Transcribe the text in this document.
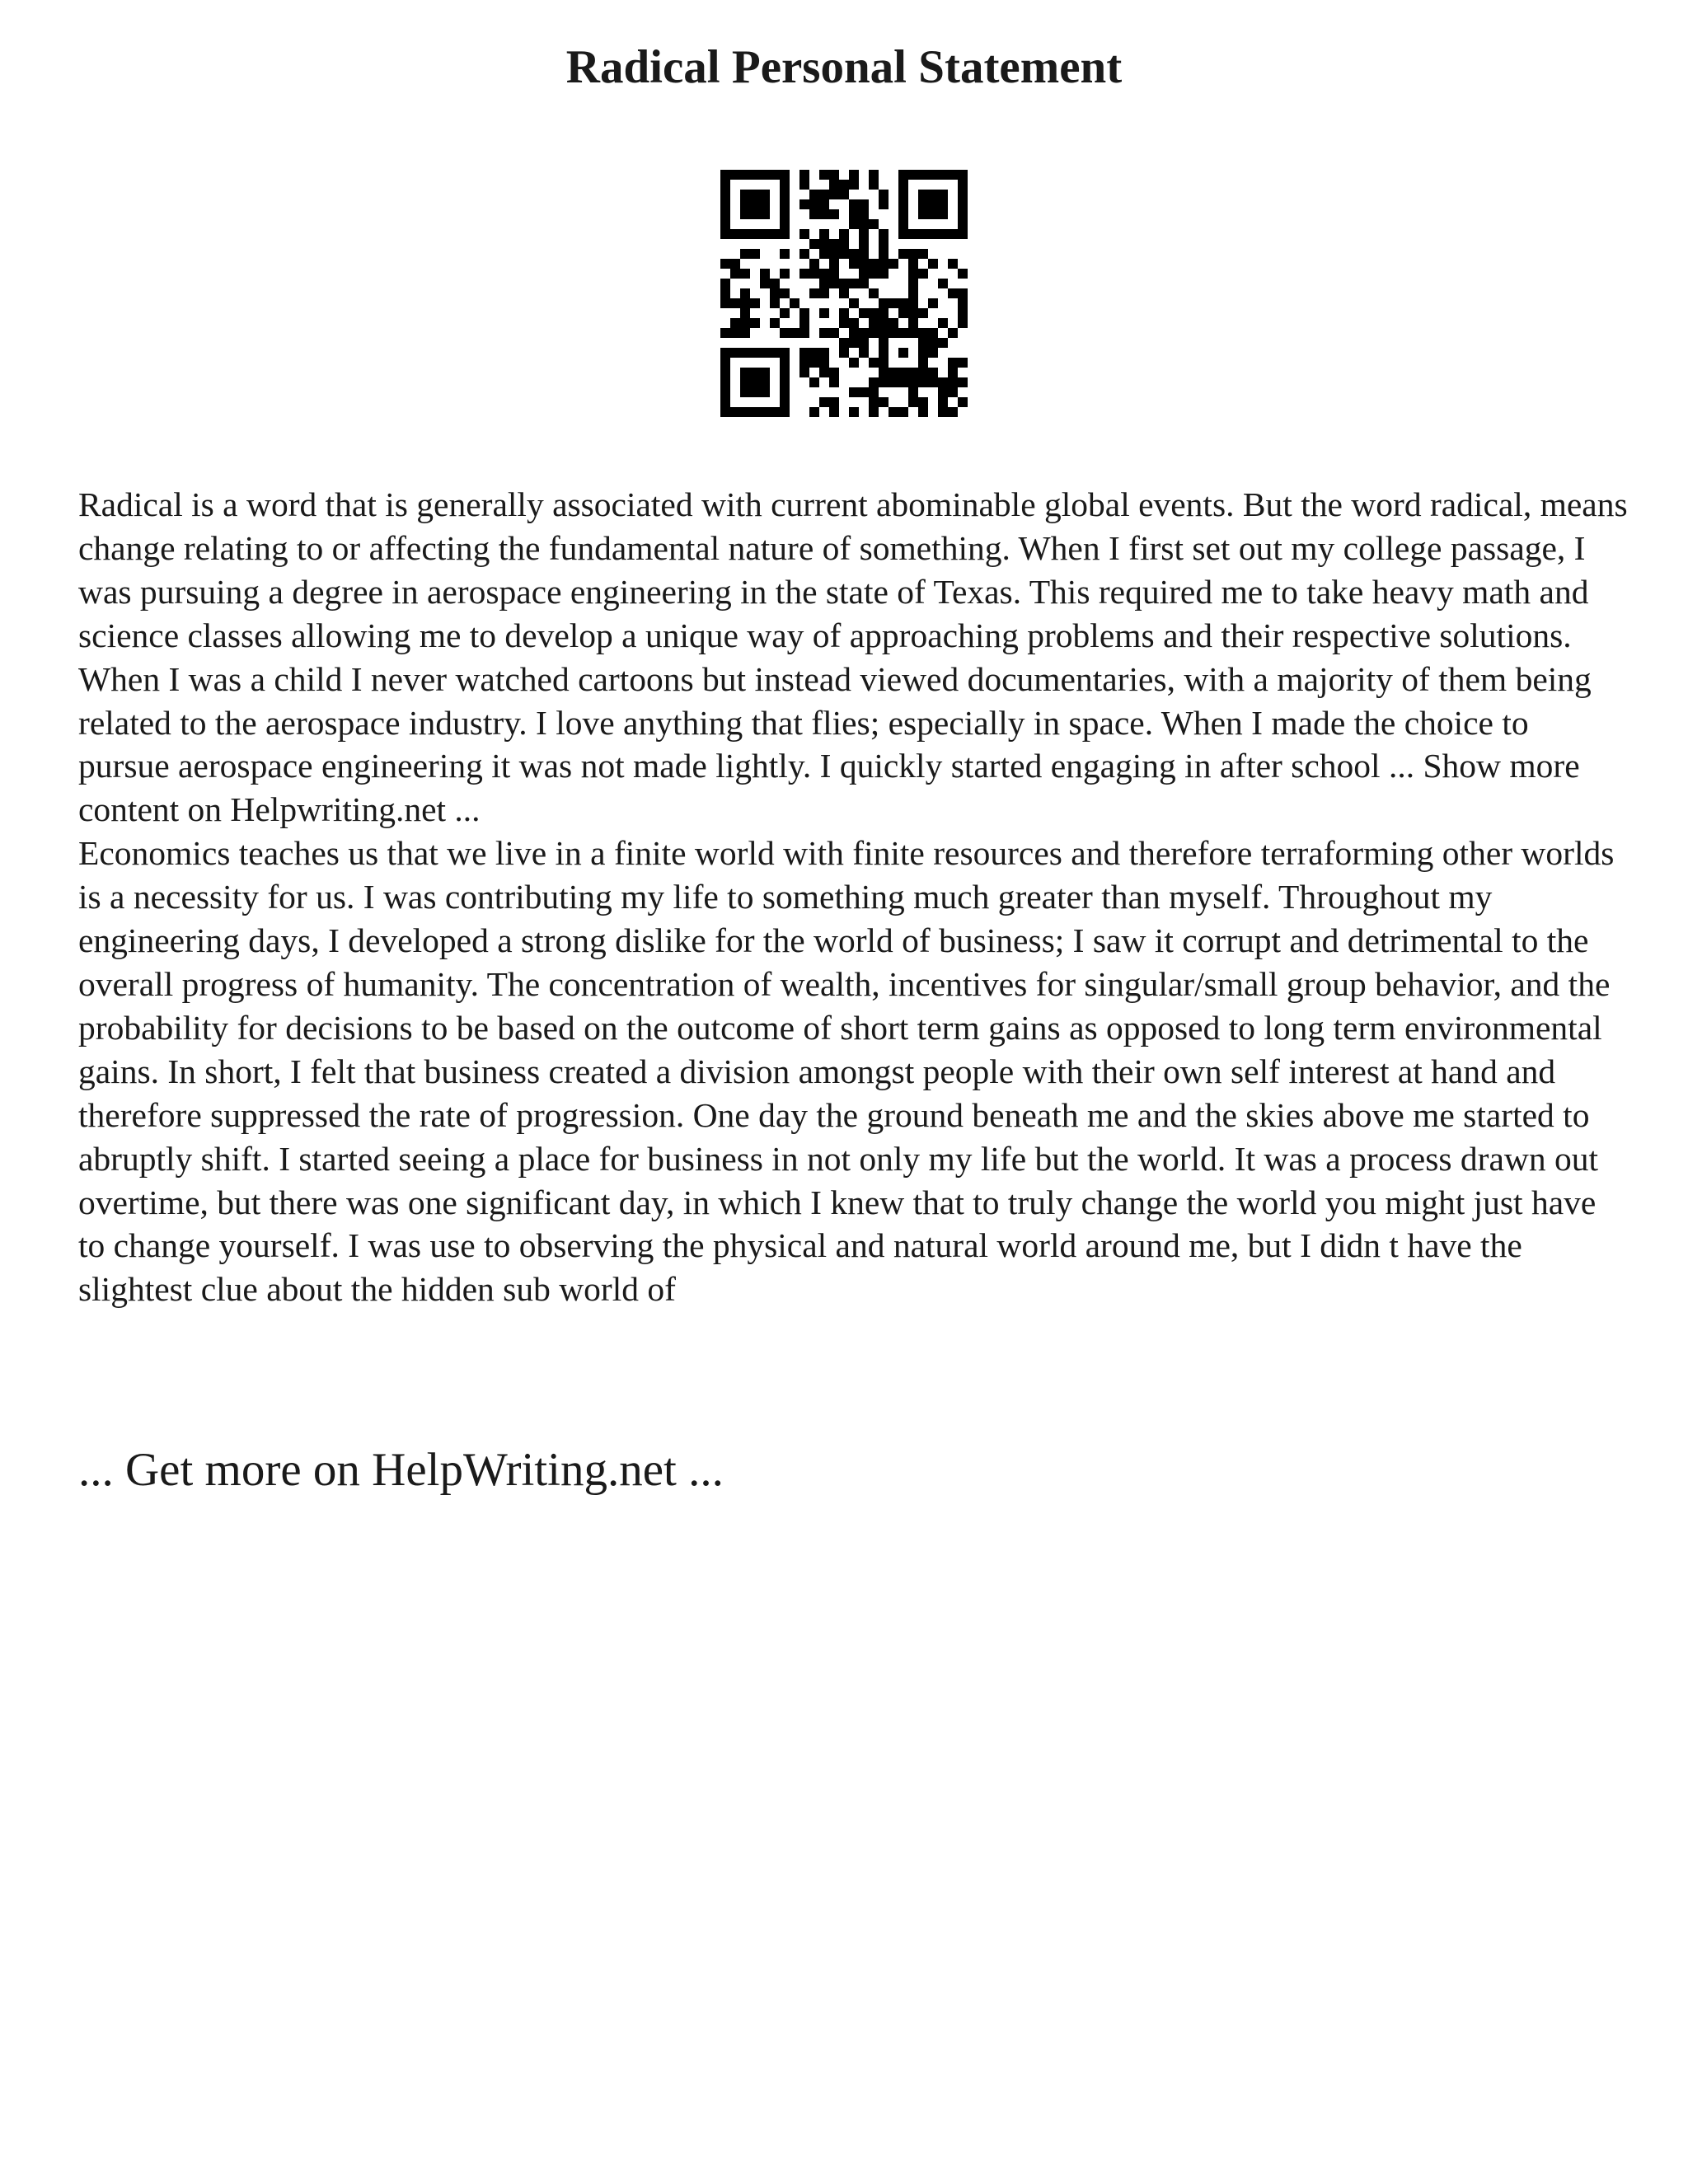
Radical Personal Statement

Radical is a word that is generally associated with current abominable global events. But the word radical, means change relating to or affecting the fundamental nature of something. When I first set out my college passage, I was pursuing a degree in aerospace engineering in the state of Texas. This required me to take heavy math and science classes allowing me to develop a unique way of approaching problems and their respective solutions. When I was a child I never watched cartoons but instead viewed documentaries, with a majority of them being related to the aerospace industry. I love anything that flies; especially in space. When I made the choice to pursue aerospace engineering it was not made lightly. I quickly started engaging in after school ... Show more content on Helpwriting.net ...

Economics teaches us that we live in a finite world with finite resources and therefore terraforming other worlds is a necessity for us. I was contributing my life to something much greater than myself. Throughout my engineering days, I developed a strong dislike for the world of business; I saw it corrupt and detrimental to the overall progress of humanity. The concentration of wealth, incentives for singular/small group behavior, and the probability for decisions to be based on the outcome of short term gains as opposed to long term environmental gains. In short, I felt that business created a division amongst people with their own self interest at hand and therefore suppressed the rate of progression. One day the ground beneath me and the skies above me started to abruptly shift. I started seeing a place for business in not only my life but the world. It was a process drawn out overtime, but there was one significant day, in which I knew that to truly change the world you might just have to change yourself. I was use to observing the physical and natural world around me, but I didn t have the slightest clue about the hidden sub world of

... Get more on HelpWriting.net ...
